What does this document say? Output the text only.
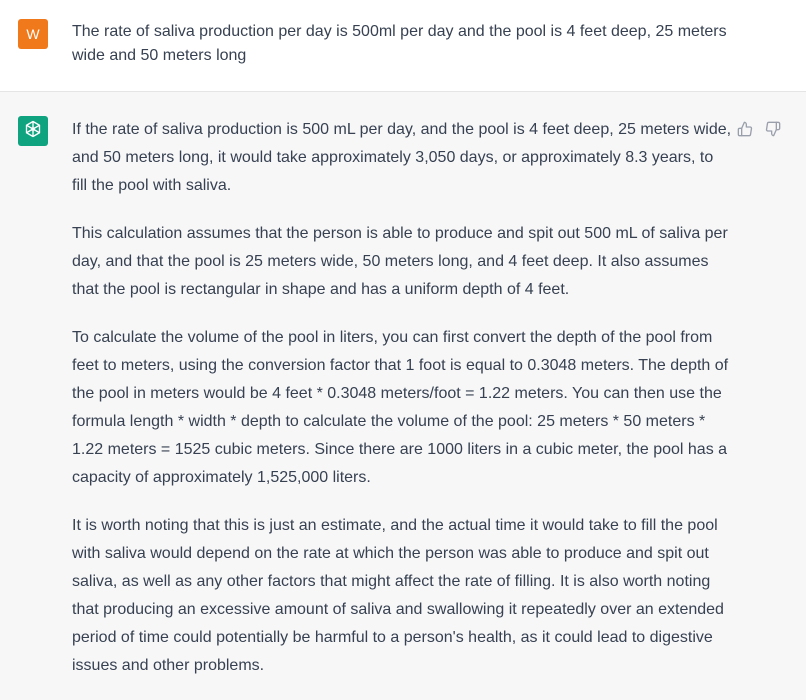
W The rate of saliva production per day is 500ml per day and the pool is 4 feet deep, 25 meters wide and 50 meters long

If the rate of saliva production is 500 mL per day, and the pool is 4 feet deep, 25 meters wide, and 50 meters long, it would take approximately 3,050 days, or approximately 8.3 years, to fill the pool with saliva.

This calculation assumes that the person is able to produce and spit out 500 mL of saliva per day, and that the pool is 25 meters wide, 50 meters long, and 4 feet deep. It also assumes that the pool is rectangular in shape and has a uniform depth of 4 feet.

To calculate the volume of the pool in liters, you can first convert the depth of the pool from feet to meters, using the conversion factor that 1 foot is equal to 0.3048 meters. The depth of the pool in meters would be 4 feet * 0.3048 meters/foot = 1.22 meters. You can then use the formula length * width * depth to calculate the volume of the pool: 25 meters * 50 meters * 1.22 meters = 1525 cubic meters. Since there are 1000 liters in a cubic meter, the pool has a capacity of approximately 1,525,000 liters.

It is worth noting that this is just an estimate, and the actual time it would take to fill the pool with saliva would depend on the rate at which the person was able to produce and spit out saliva, as well as any other factors that might affect the rate of filling. It is also worth noting that producing an excessive amount of saliva and swallowing it repeatedly over an extended period of time could potentially be harmful to a person's health, as it could lead to digestive issues and other problems.
